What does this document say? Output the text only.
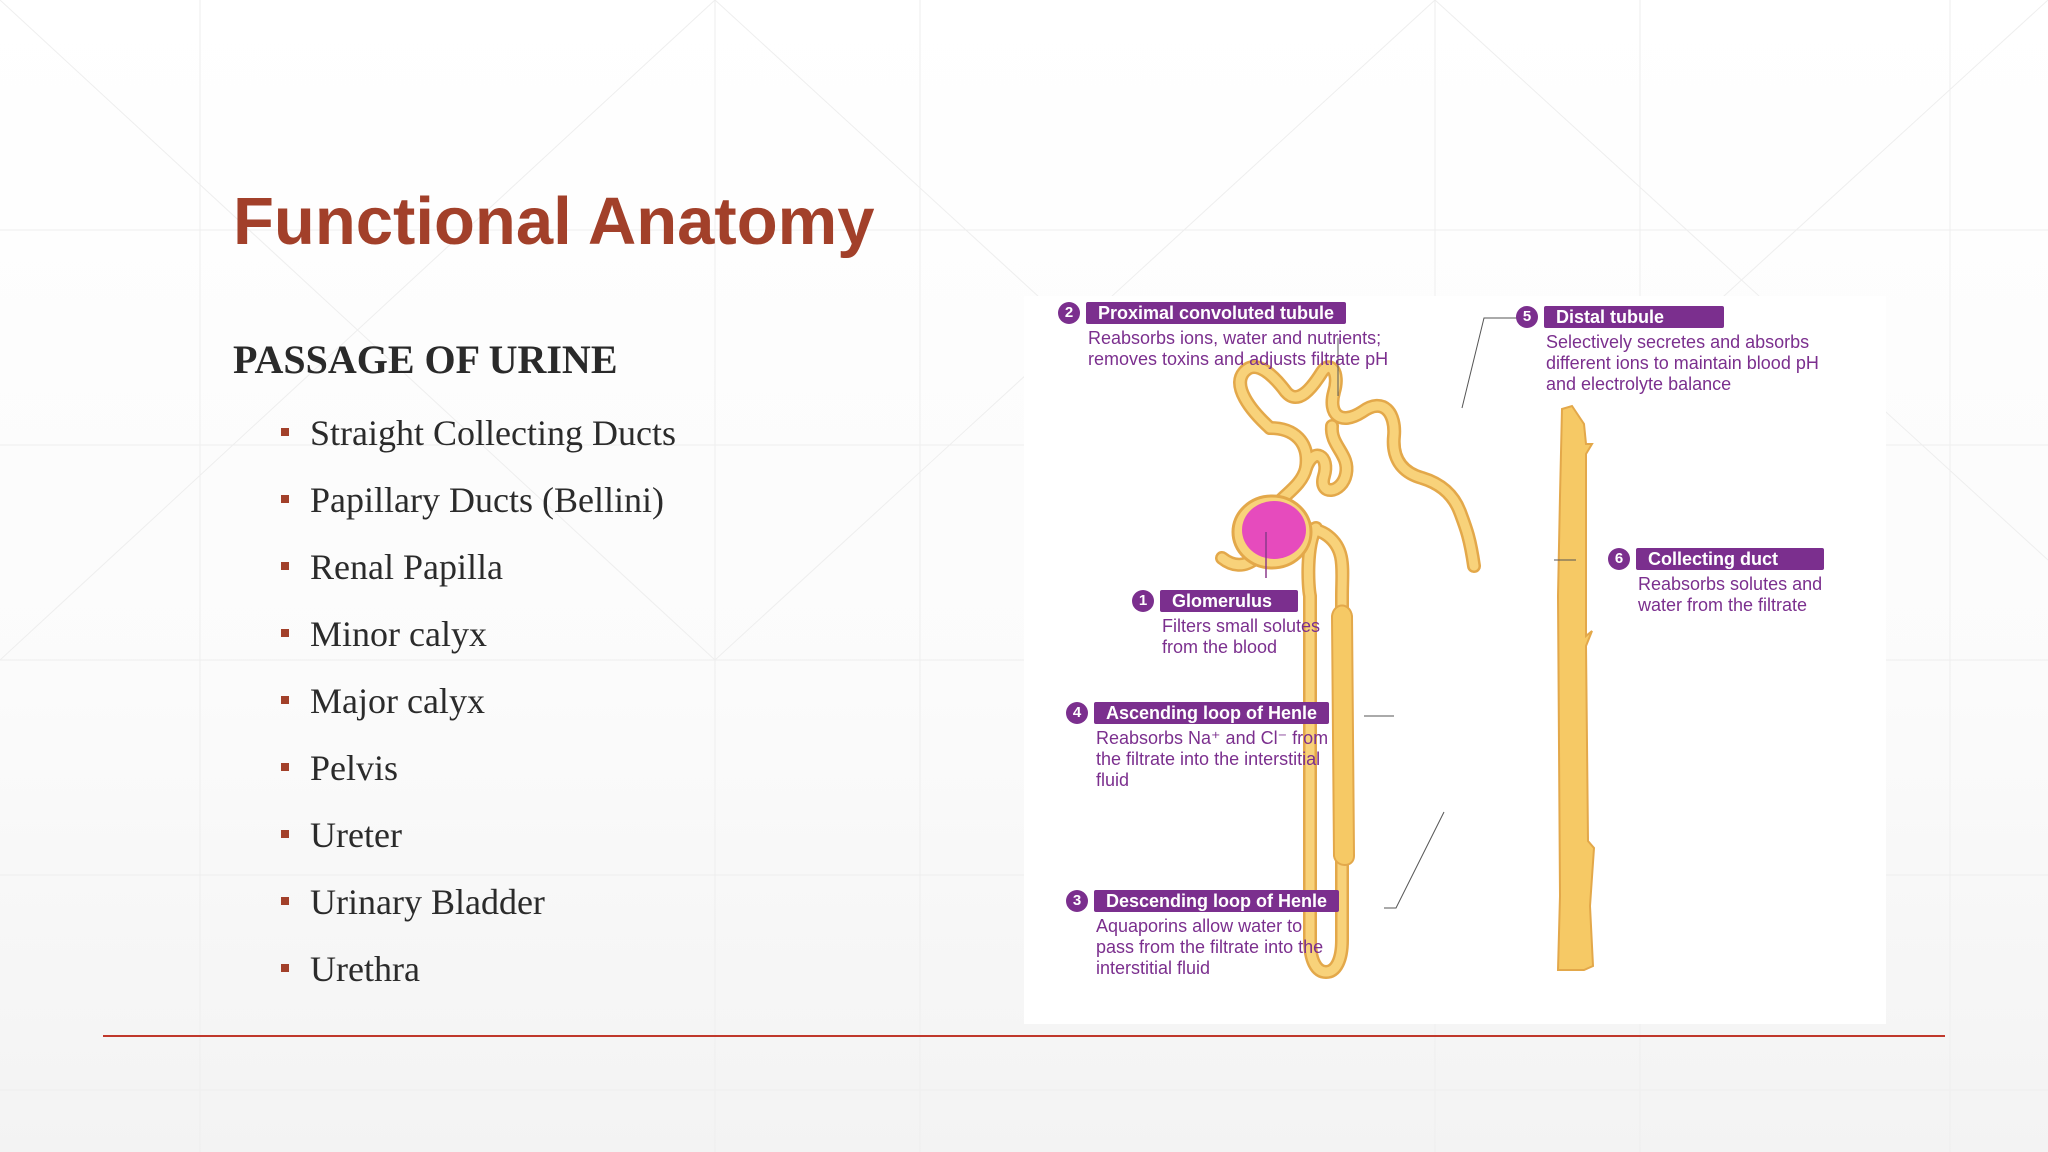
Functional Anatomy
PASSAGE OF URINE
Straight Collecting Ducts
Papillary Ducts (Bellini)
Renal Papilla
Minor calyx
Major calyx
Pelvis
Ureter
Urinary Bladder
Urethra
2	Proximal convoluted tubule
Reabsorbs ions, water and nutrients;
removes toxins and adjusts filtrate pH
5	Distal tubule
Selectively secretes and absorbs
different ions to maintain blood pH
and electrolyte balance
6	Collecting duct
Reabsorbs solutes and
water from the filtrate
1	Glomerulus
Filters small solutes
from the blood
4	Ascending loop of Henle
Reabsorbs Na⁺ and Cl⁻ from
the filtrate into the interstitial
fluid
3	Descending loop of Henle
Aquaporins allow water to
pass from the filtrate into the
interstitial fluid
